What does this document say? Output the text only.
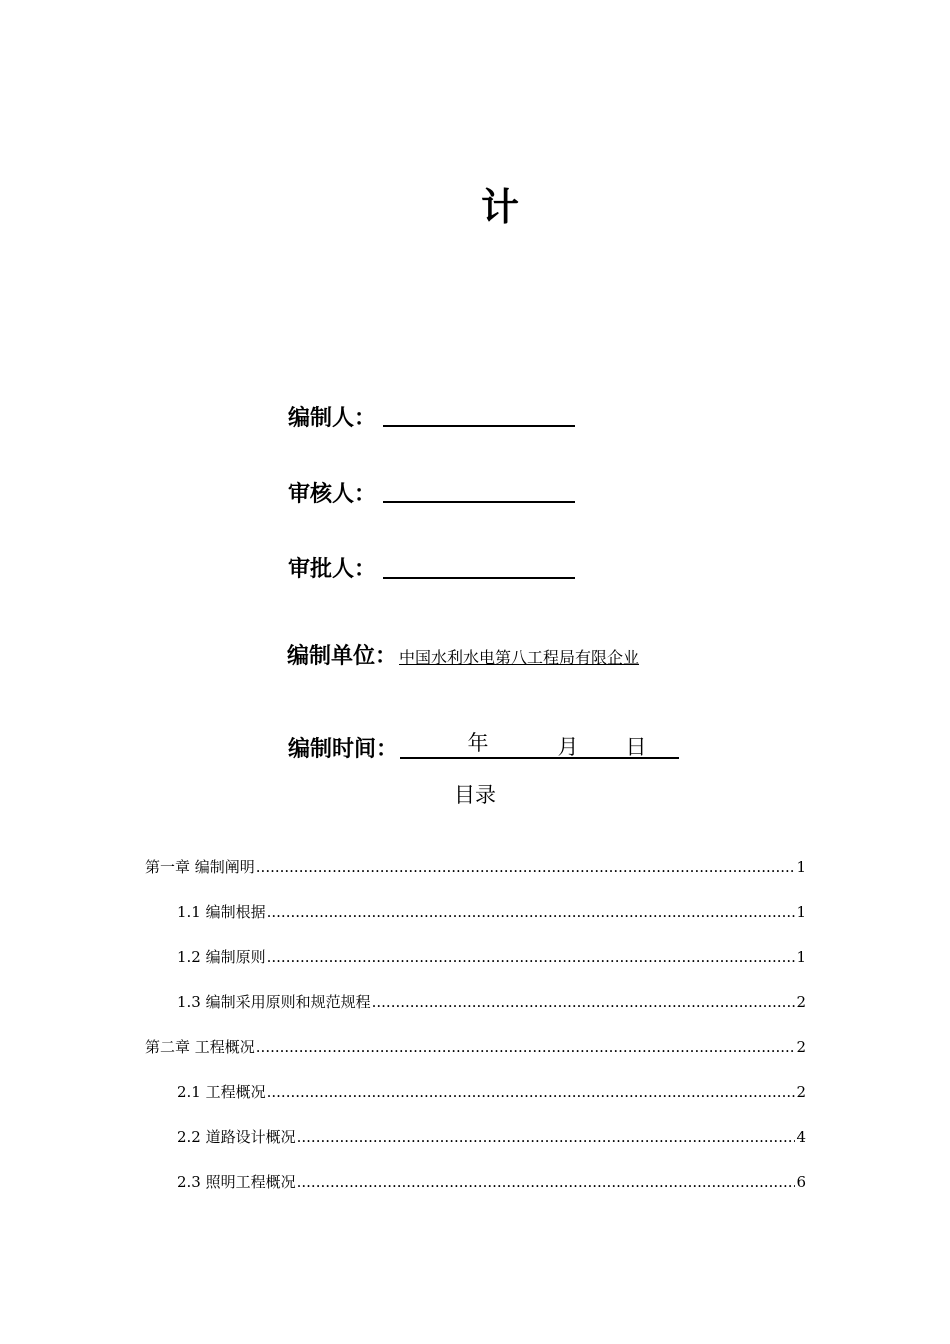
计
编制人：
审核人：
审批人：
编制单位： 中国水利水电第八工程局有限企业
编制时间：	年	月 日
目录
第一章 编制阐明 .....	1
1.1 编制根据 .....	1
1.2 编制原则 .....	1
1.3 编制采用原则和规范规程 .....	2
第二章 工程概况 .....	2
2.1 工程概况 .....	2
2.2 道路设计概况 .....	4
2.3 照明工程概况 .....	6
